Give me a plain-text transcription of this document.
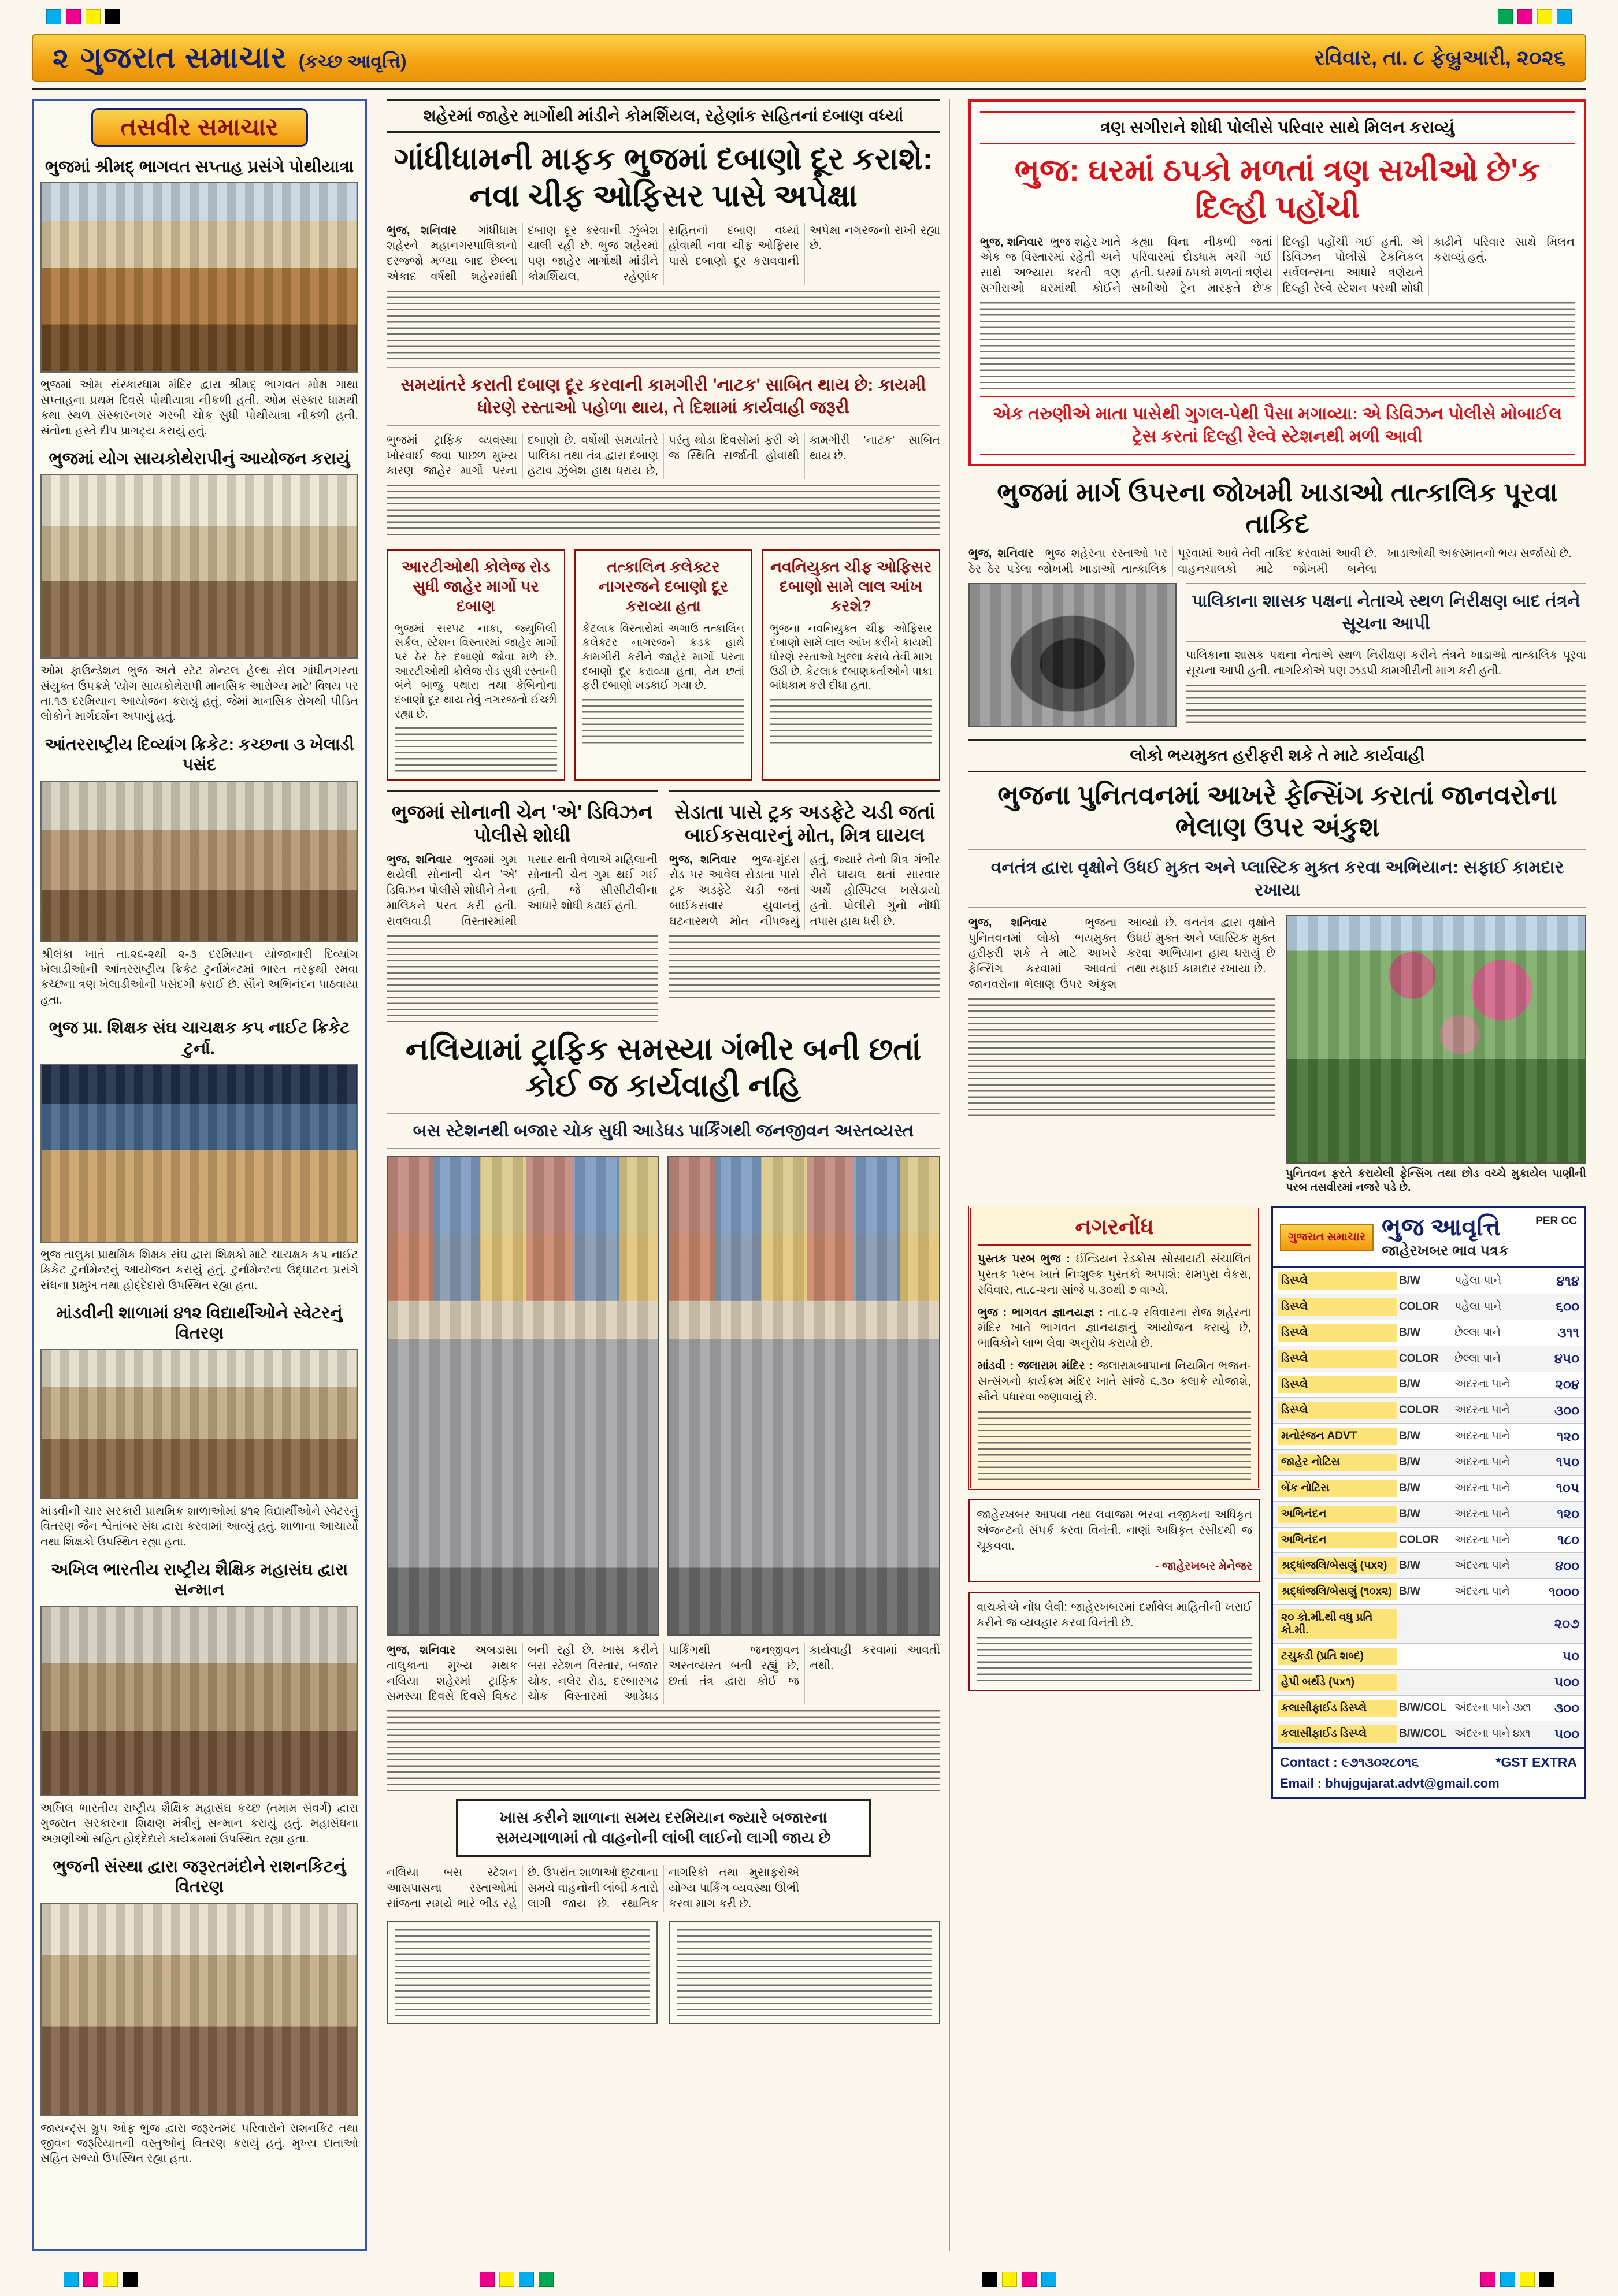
૨ ગુજરાત સમાચાર (કચ્છ આવૃત્તિ)	રવિવાર, તા. ૮ ફેબ્રુઆરી, ૨૦૨૬
તસવીર સમાચાર
ભુજમાં શ્રીમદ્ ભાગવત સપ્તાહ પ્રસંગે પોથીયાત્રા
ભુજમાં ઓમ સંસ્કારધામ મંદિર દ્વારા શ્રીમદ્ ભાગવત મોક્ષ ગાથા સપ્તાહના પ્રથમ દિવસે પોથીયાત્રા નીકળી હતી. ઓમ સંસ્કાર ધામથી કથા સ્થળ સંસ્કારનગર ગરબી ચોક સુધી પોથીયાત્રા નીકળી હતી. સંતોના હસ્તે દીપ પ્રાગટ્ય કરાયું હતું.
ભુજમાં યોગ સાયકોથેરાપીનું આયોજન કરાયું
ઓમ ફાઉન્ડેશન ભુજ અને સ્ટેટ મેન્ટલ હેલ્થ સેલ ગાંધીનગરના સંયુક્ત ઉપક્રમે 'યોગ સાયકોથેરાપી માનસિક આરોગ્ય માટે' વિષય પર તા.૧૩ દરમિયાન આયોજન કરાયું હતું, જેમાં માનસિક રોગથી પીડિત લોકોને માર્ગદર્શન અપાયું હતું.
આંતરરાષ્ટ્રીય દિવ્યાંગ ક્રિકેટ: કચ્છના ૩ ખેલાડી પસંદ
શ્રીલંકા ખાતે તા.૨૬-૨થી ૨-૩ દરમિયાન યોજાનારી દિવ્યાંગ ખેલાડીઓની આંતરરાષ્ટ્રીય ક્રિકેટ ટુર્નામેન્ટમાં ભારત તરફથી રમવા કચ્છના ત્રણ ખેલાડીઓની પસંદગી કરાઈ છે. સૌને અભિનંદન પાઠવાયા હતા.
ભુજ પ્રા. શિક્ષક સંઘ ચાચક્ષક કપ નાઈટ ક્રિકેટ ટુર્ના.
ભુજ તાલુકા પ્રાથમિક શિક્ષક સંઘ દ્વારા શિક્ષકો માટે ચાચક્ષક કપ નાઈટ ક્રિકેટ ટુર્નામેન્ટનું આયોજન કરાયું હતું. ટુર્નામેન્ટના ઉદ્ઘાટન પ્રસંગે સંઘના પ્રમુખ તથા હોદ્દેદારો ઉપસ્થિત રહ્યા હતા.
માંડવીની શાળામાં ૪૧૨ વિદ્યાર્થીઓને સ્વેટરનું વિતરણ
માંડવીની ચાર સરકારી પ્રાથમિક શાળાઓમાં ૪૧૨ વિદ્યાર્થીઓને સ્વેટરનું વિતરણ જૈન શ્વેતાંબર સંઘ દ્વારા કરવામાં આવ્યું હતું. શાળાના આચાર્યો તથા શિક્ષકો ઉપસ્થિત રહ્યા હતા.
અખિલ ભારતીય રાષ્ટ્રીય શૈક્ષિક મહાસંઘ દ્વારા સન્માન
અખિલ ભારતીય રાષ્ટ્રીય શૈક્ષિક મહાસંઘ કચ્છ (તમામ સંવર્ગ) દ્વારા ગુજરાત સરકારના શિક્ષણ મંત્રીનું સન્માન કરાયું હતું. મહાસંઘના અગ્રણીઓ સહિત હોદ્દેદારો કાર્યક્રમમાં ઉપસ્થિત રહ્યા હતા.
ભુજની સંસ્થા દ્વારા જરૂરતમંદોને રાશનકિટનું વિતરણ
જાયન્ટ્સ ગ્રુપ ઓફ ભુજ દ્વારા જરૂરતમંદ પરિવારોને રાશનકિટ તથા જીવન જરૂરિયાતની વસ્તુઓનું વિતરણ કરાયું હતું. મુખ્ય દાતાઓ સહિત સભ્યો ઉપસ્થિત રહ્યા હતા.
શહેરમાં જાહેર માર્ગોથી માંડીને કોમર્શિયલ, રહેણાંક સહિતનાં દબાણ વધ્યાં
ગાંધીધામની માફક ભુજમાં દબાણો દૂર કરાશે: નવા ચીફ ઓફિસર પાસે અપેક્ષા
ભુજ, શનિવાર ગાંધીધામ શહેરને મહાનગરપાલિકાનો દરજ્જો મળ્યા બાદ છેલ્લા એકાદ વર્ષથી શહેરમાંથી દબાણ દૂર કરવાની ઝુંબેશ ચાલી રહી છે. ભુજ શહેરમાં પણ જાહેર માર્ગોથી માંડીને કોમર્શિયલ, રહેણાંક સહિતનાં દબાણ વધ્યાં હોવાથી નવા ચીફ ઓફિસર પાસે દબાણો દૂર કરાવવાની અપેક્ષા નગરજનો રાખી રહ્યા છે.
સમયાંતરે કરાતી દબાણ દૂર કરવાની કામગીરી 'નાટક' સાબિત થાય છે: કાયમી ધોરણે રસ્તાઓ પહોળા થાય, તે દિશામાં કાર્યવાહી જરૂરી
ભુજમાં ટ્રાફિક વ્યવસ્થા ખોરવાઈ જવા પાછળ મુખ્ય કારણ જાહેર માર્ગો પરના દબાણો છે. વર્ષોથી સમયાંતરે પાલિકા તથા તંત્ર દ્વારા દબાણ હટાવ ઝુંબેશ હાથ ધરાય છે, પરંતુ થોડા દિવસોમાં ફરી એ જ સ્થિતિ સર્જાતી હોવાથી કામગીરી 'નાટક' સાબિત થાય છે.
આરટીઓથી કોલેજ રોડ સુધી જાહેર માર્ગો પર દબાણ
ભુજમાં સરપટ નાકા, જ્યુબિલી સર્કલ, સ્ટેશન વિસ્તારમાં જાહેર માર્ગો પર ઠેર ઠેર દબાણો જોવા મળે છે. આરટીઓથી કોલેજ રોડ સુધી રસ્તાની બંને બાજુ પથારા તથા કેબિનોના દબાણો દૂર થાય તેવું નગરજનો ઈચ્છી રહ્યા છે.
તત્કાલિન કલેક્ટર નાગરજને દબાણો દૂર કરાવ્યા હતા
કેટલાક વિસ્તારોમાં અગાઉ તત્કાલિન કલેક્ટર નાગરજને કડક હાથે કામગીરી કરીને જાહેર માર્ગો પરના દબાણો દૂર કરાવ્યા હતા, તેમ છતાં ફરી દબાણો ખડકાઈ ગયા છે.
નવનિયુક્ત ચીફ ઓફિસર દબાણો સામે લાલ આંખ કરશે?
ભુજના નવનિયુક્ત ચીફ ઓફિસર દબાણો સામે લાલ આંખ કરીને કાયમી ધોરણે રસ્તાઓ ખુલ્લા કરાવે તેવી માગ ઉઠી છે. કેટલાક દબાણકર્તાઓને પાકા બાંધકામ કરી દીધા હતા.
ભુજમાં સોનાની ચેન 'એ' ડિવિઝન પોલીસે શોધી
ભુજ, શનિવાર ભુજમાં ગુમ થયેલી સોનાની ચેન 'એ' ડિવિઝન પોલીસે શોધીને તેના માલિકને પરત કરી હતી. રાવલવાડી વિસ્તારમાંથી પસાર થતી વેળાએ મહિલાની સોનાની ચેન ગુમ થઈ ગઈ હતી, જે સીસીટીવીના આધારે શોધી કઢાઈ હતી.
સેડાતા પાસે ટ્રક અડફેટે ચડી જતાં બાઈકસવારનું મોત, મિત્ર ઘાયલ
ભુજ, શનિવાર ભુજ-મુંદરા રોડ પર આવેલ સેડાતા પાસે ટ્રક અડફેટે ચડી જતાં બાઈકસવાર યુવાનનું ઘટનાસ્થળે મોત નીપજ્યું હતું, જ્યારે તેનો મિત્ર ગંભીર રીતે ઘાયલ થતાં સારવાર અર્થે હોસ્પિટલ ખસેડાયો હતો. પોલીસે ગુનો નોંધી તપાસ હાથ ધરી છે.
નલિયામાં ટ્રાફિક સમસ્યા ગંભીર બની છતાં કોઈ જ કાર્યવાહી નહિ
બસ સ્ટેશનથી બજાર ચોક સુધી આડેધડ પાર્કિંગથી જનજીવન અસ્તવ્યસ્ત
ભુજ, શનિવાર અબડાસા તાલુકાના મુખ્ય મથક નલિયા શહેરમાં ટ્રાફિક સમસ્યા દિવસે દિવસે વિકટ બની રહી છે. ખાસ કરીને બસ સ્ટેશન વિસ્તાર, બજાર ચોક, નલેર રોડ, દરબારગઢ ચોક વિસ્તારમાં આડેધડ પાર્કિંગથી જનજીવન અસ્તવ્યસ્ત બની રહ્યું છે, છતાં તંત્ર દ્વારા કોઈ જ કાર્યવાહી કરવામાં આવતી નથી.
ખાસ કરીને શાળાના સમય દરમિયાન જ્યારે બજારના સમયગાળામાં તો વાહનોની લાંબી લાઈનો લાગી જાય છે
નલિયા બસ સ્ટેશન આસપાસના રસ્તાઓમાં સાંજના સમયે ભારે ભીડ રહે છે. ઉપરાંત શાળાઓ છૂટવાના સમયે વાહનોની લાંબી કતારો લાગી જાય છે. સ્થાનિક નાગરિકો તથા મુસાફરોએ યોગ્ય પાર્કિંગ વ્યવસ્થા ઊભી કરવા માગ કરી છે.
ત્રણ સગીરાને શોધી પોલીસે પરિવાર સાથે મિલન કરાવ્યું
ભુજ: ઘરમાં ઠપકો મળતાં ત્રણ સખીઓ છે'ક દિલ્હી પહોંચી
ભુજ, શનિવાર ભુજ શહેર ખાતે એક જ વિસ્તારમાં રહેતી અને સાથે અભ્યાસ કરતી ત્રણ સગીરાઓ ઘરમાંથી કોઈને કહ્યા વિના નીકળી જતાં પરિવારમાં દોડધામ મચી ગઈ હતી. ઘરમાં ઠપકો મળતાં ત્રણેય સખીઓ ટ્રેન મારફતે છે'ક દિલ્હી પહોંચી ગઈ હતી. એ ડિવિઝન પોલીસે ટેકનિકલ સર્વેલન્સના આધારે ત્રણેયને દિલ્હી રેલ્વે સ્ટેશન પરથી શોધી કાઢીને પરિવાર સાથે મિલન કરાવ્યું હતું.
એક તરુણીએ માતા પાસેથી ગુગલ-પેથી પૈસા મગાવ્યા: એ ડિવિઝન પોલીસે મોબાઈલ ટ્રેસ કરતાં દિલ્હી રેલ્વે સ્ટેશનથી મળી આવી
ભુજમાં માર્ગ ઉપરના જોખમી ખાડાઓ તાત્કાલિક પૂરવા તાકિદ
ભુજ, શનિવાર ભુજ શહેરના રસ્તાઓ પર ઠેર ઠેર પડેલા જોખમી ખાડાઓ તાત્કાલિક પૂરવામાં આવે તેવી તાકિદ કરવામાં આવી છે. વાહનચાલકો માટે જોખમી બનેલા ખાડાઓથી અકસ્માતનો ભય સર્જાયો છે.
પાલિકાના શાસક પક્ષના નેતાએ સ્થળ નિરીક્ષણ બાદ તંત્રને સૂચના આપી
પાલિકાના શાસક પક્ષના નેતાએ સ્થળ નિરીક્ષણ કરીને તંત્રને ખાડાઓ તાત્કાલિક પૂરવા સૂચના આપી હતી. નાગરિકોએ પણ ઝડપી કામગીરીની માગ કરી હતી.
લોકો ભયમુક્ત હરીફરી શકે તે માટે કાર્યવાહી
ભુજના પુનિતવનમાં આખરે ફેન્સિંગ કરાતાં જાનવરોના ભેલાણ ઉપર અંકુશ
વનતંત્ર દ્વારા વૃક્ષોને ઉધઈ મુક્ત અને પ્લાસ્ટિક મુક્ત કરવા અભિયાન: સફાઈ કામદાર રખાયા
ભુજ, શનિવાર	ભુજના પુનિતવનમાં લોકો ભયમુક્ત હરીફરી શકે તે માટે આખરે ફેન્સિંગ કરવામાં આવતાં જાનવરોના ભેલાણ ઉપર અંકુશ આવ્યો છે. વનતંત્ર દ્વારા વૃક્ષોને ઉધઈ મુક્ત અને પ્લાસ્ટિક મુક્ત કરવા અભિયાન હાથ ધરાયું છે તથા સફાઈ કામદાર રખાયા છે.
પુનિતવન ફરતે કરાયેલી ફેન્સિંગ તથા છોડ વચ્ચે મુકાયેલ પાણીની પરબ તસવીરમાં નજરે પડે છે.
નગરનોંધ
પુસ્તક પરબ ભુજ : ઈન્ડિયન રેડક્રોસ સોસાયટી સંચાલિત પુસ્તક પરબ ખાતે નિઃશુલ્ક પુસ્તકો અપાશે: રામપુરા વેકરા, રવિવાર, તા.૮-૨ના સાંજે ૫.૩૦થી ૭ વાગ્યે.
ભુજ : ભાગવત જ્ઞાનયજ્ઞ : તા.૮-૨ રવિવારના રોજ શહેરના મંદિર ખાતે ભાગવત જ્ઞાનયજ્ઞનું આયોજન કરાયું છે, ભાવિકોને લાભ લેવા અનુરોધ કરાયો છે.
માંડવી : જલારામ મંદિર : જલારામબાપાના નિયમિત ભજન-સત્સંગનો કાર્યક્રમ મંદિર ખાતે સાંજે ૬.૩૦ કલાકે યોજાશે, સૌને પધારવા જણાવાયું છે.
જાહેરખબર આપવા તથા લવાજમ ભરવા નજીકના અધિકૃત એજન્ટનો સંપર્ક કરવા વિનંતી. નાણાં અધિકૃત રસીદથી જ ચૂકવવા.
- જાહેરખબર મેનેજર
વાચકોએ નોંધ લેવી: જાહેરખબરમાં દર્શાવેલ માહિતીની ખરાઈ કરીને જ વ્યવહાર કરવા વિનંતી છે.
ગુજરાત સમાચાર ભુજ આવૃત્તિ
જાહેરખબર ભાવ પત્રક
PER CC
ડિસ્પ્લે	B/W	પહેલા પાને	૪૧૪
ડિસ્પ્લે	COLOR	પહેલા પાને	૬૦૦
ડિસ્પ્લે	B/W	છેલ્લા પાને	૩૧૧
ડિસ્પ્લે	COLOR	છેલ્લા પાને	૪૫૦
ડિસ્પ્લે	B/W	અંદરના પાને	૨૦૪
ડિસ્પ્લે	COLOR	અંદરના પાને	૩૦૦
મનોરંજન ADVT	B/W	અંદરના પાને	૧૨૦
જાહેર નોટિસ	B/W	અંદરના પાને	૧૫૦
બેંક નોટિસ	B/W	અંદરના પાને	૧૦૫
અભિનંદન	B/W	અંદરના પાને	૧૨૦
અભિનંદન	COLOR	અંદરના પાને	૧૮૦
શ્રદ્ધાંજલિ/બેસણું (૫x૨)	B/W	અંદરના પાને	૪૦૦
શ્રદ્ધાંજલિ/બેસણું (૧૦x૨) B/W	અંદરના પાને	૧૦૦૦
૨૦ કો.મી.થી વધુ પ્રતિ કો.મી.	૨૦૭
ટચુકડી (પ્રતિ શબ્દ)	૫૦
હેપી બર્થડે (૫x૧)	૫૦૦
કલાસીફાઈડ ડિસ્પ્લે	B/W/COL અંદરના પાને ૩x૧	૩૦૦
કલાસીફાઈડ ડિસ્પ્લે	B/W/COL અંદરના પાને ૪x૧	૫૦૦
Contact : ૯૭૧૩૦૨૮૦૧૬	*GST EXTRA
Email : bhujgujarat.advt@gmail.com
